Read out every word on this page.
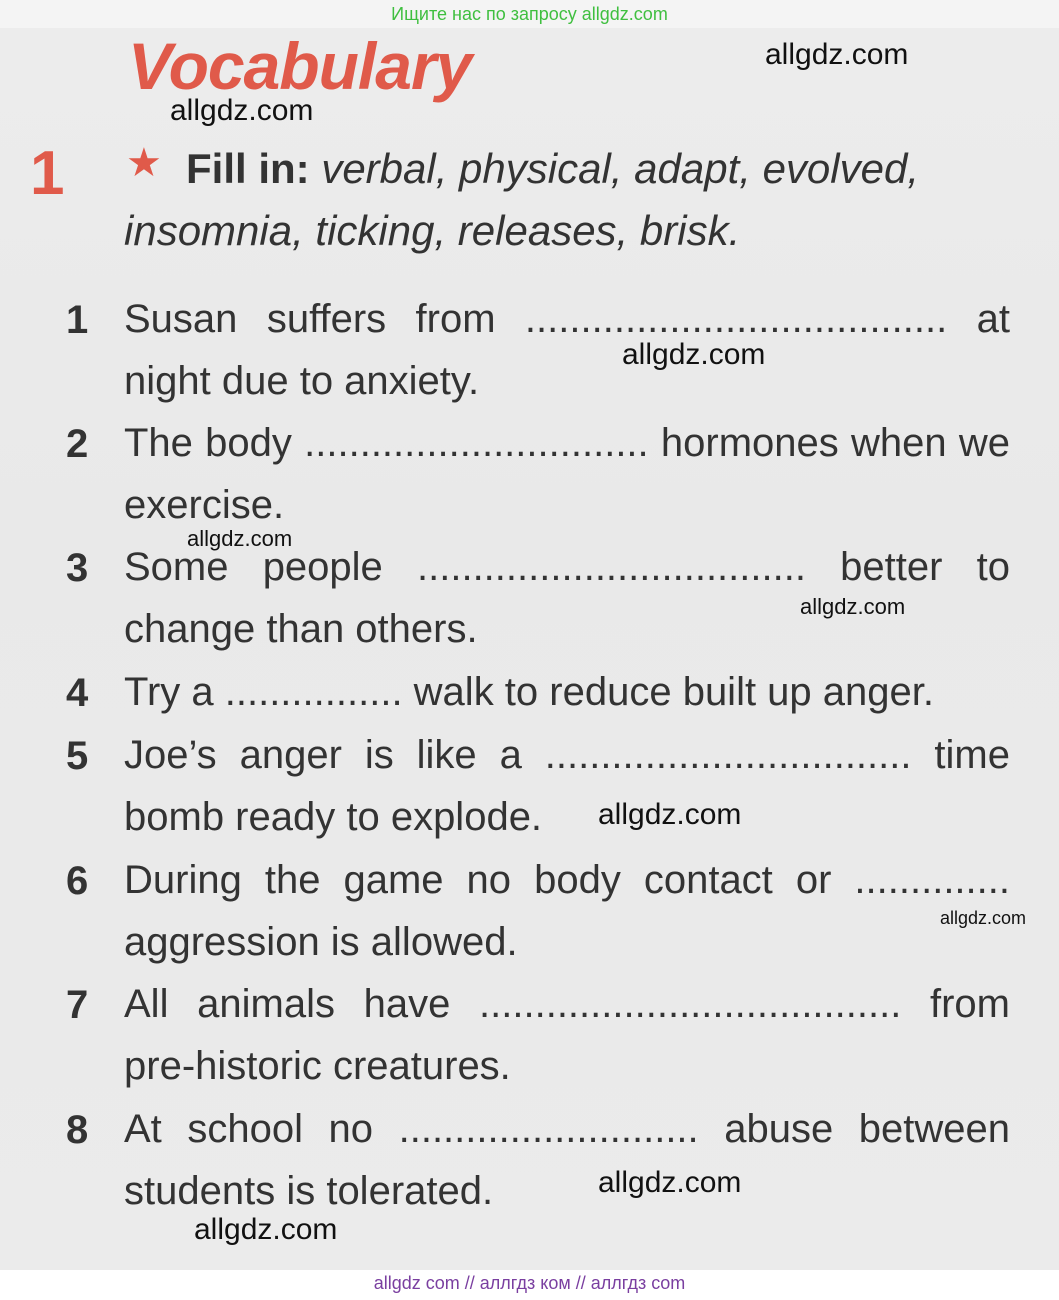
Ищите нас по запросу allgdz.com
Vocabulary
1	Fill in: verbal, physical, adapt, evolved,
insomnia, ticking, releases, brisk.
★
1 Susan suffers from ...................................... at night due to anxiety.
2 The body ............................... hormones when we exercise.
3 Some people ................................... better to change than others.
4 Try a ................ walk to reduce built up anger.
5 Joe’s anger is like a ................................. time bomb ready to explode.
6 During the game no body contact or .............. aggression is allowed.
7 All animals have ...................................... from pre-historic creatures.
8 At school no ........................... abuse between students is tolerated.
allgdz.com
allgdz.com
allgdz.com
allgdz.com
allgdz.com
allgdz.com
allgdz.com
allgdz.com
allgdz.com
allgdz com // аллгдз ком // аллгдз com
